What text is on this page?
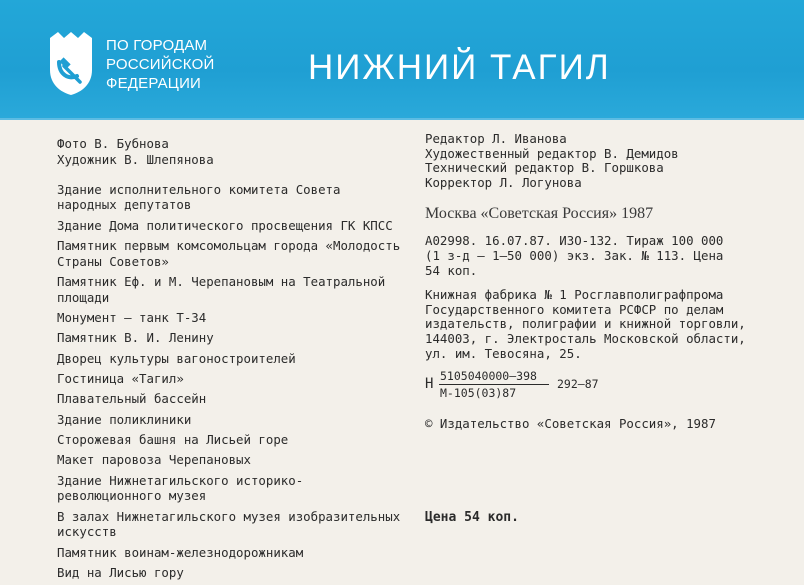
ПО ГОРОДАМ
РОССИЙСКОЙ
ФЕДЕРАЦИИ	НИЖНИЙ ТАГИЛ
Фото В. Бубнова
Художник В. Шлепянова
Здание исполнительного комитета Совета народных депутатов
Здание Дома политического просвещения ГК КПСС
Памятник первым комсомольцам города «Молодость Страны Советов»
Памятник Еф. и М. Черепановым на Театральной площади
Монумент — танк Т-34
Памятник В. И. Ленину
Дворец культуры вагоностроителей
Гостиница «Тагил»
Плавательный бассейн
Здание поликлиники
Сторожевая башня на Лисьей горе
Макет паровоза Черепановых
Здание Нижнетагильского историко-революционного музея
В залах Нижнетагильского музея изобразительных искусств
Памятник воинам-железнодорожникам
Вид на Лисью гору
Редактор Л. Иванова
Художественный редактор В. Демидов
Технический редактор В. Горшкова
Корректор Л. Логунова
Москва «Советская Россия» 1987
А02998. 16.07.87. ИЗО-132. Тираж 100 000
(1 з-д — 1—50 000) экз. Зак. № 113. Цена
54 коп.
Книжная фабрика № 1 Росглавполиграфпрома
Государственного комитета РСФСР по делам
издательств, полиграфии и книжной торговли,
144003, г. Электросталь Московской области,
ул. им. Тевосяна, 25.
Н 5105040000—398
М-105(03)87
292—87
© Издательство «Советская Россия», 1987
Цена 54 коп.
